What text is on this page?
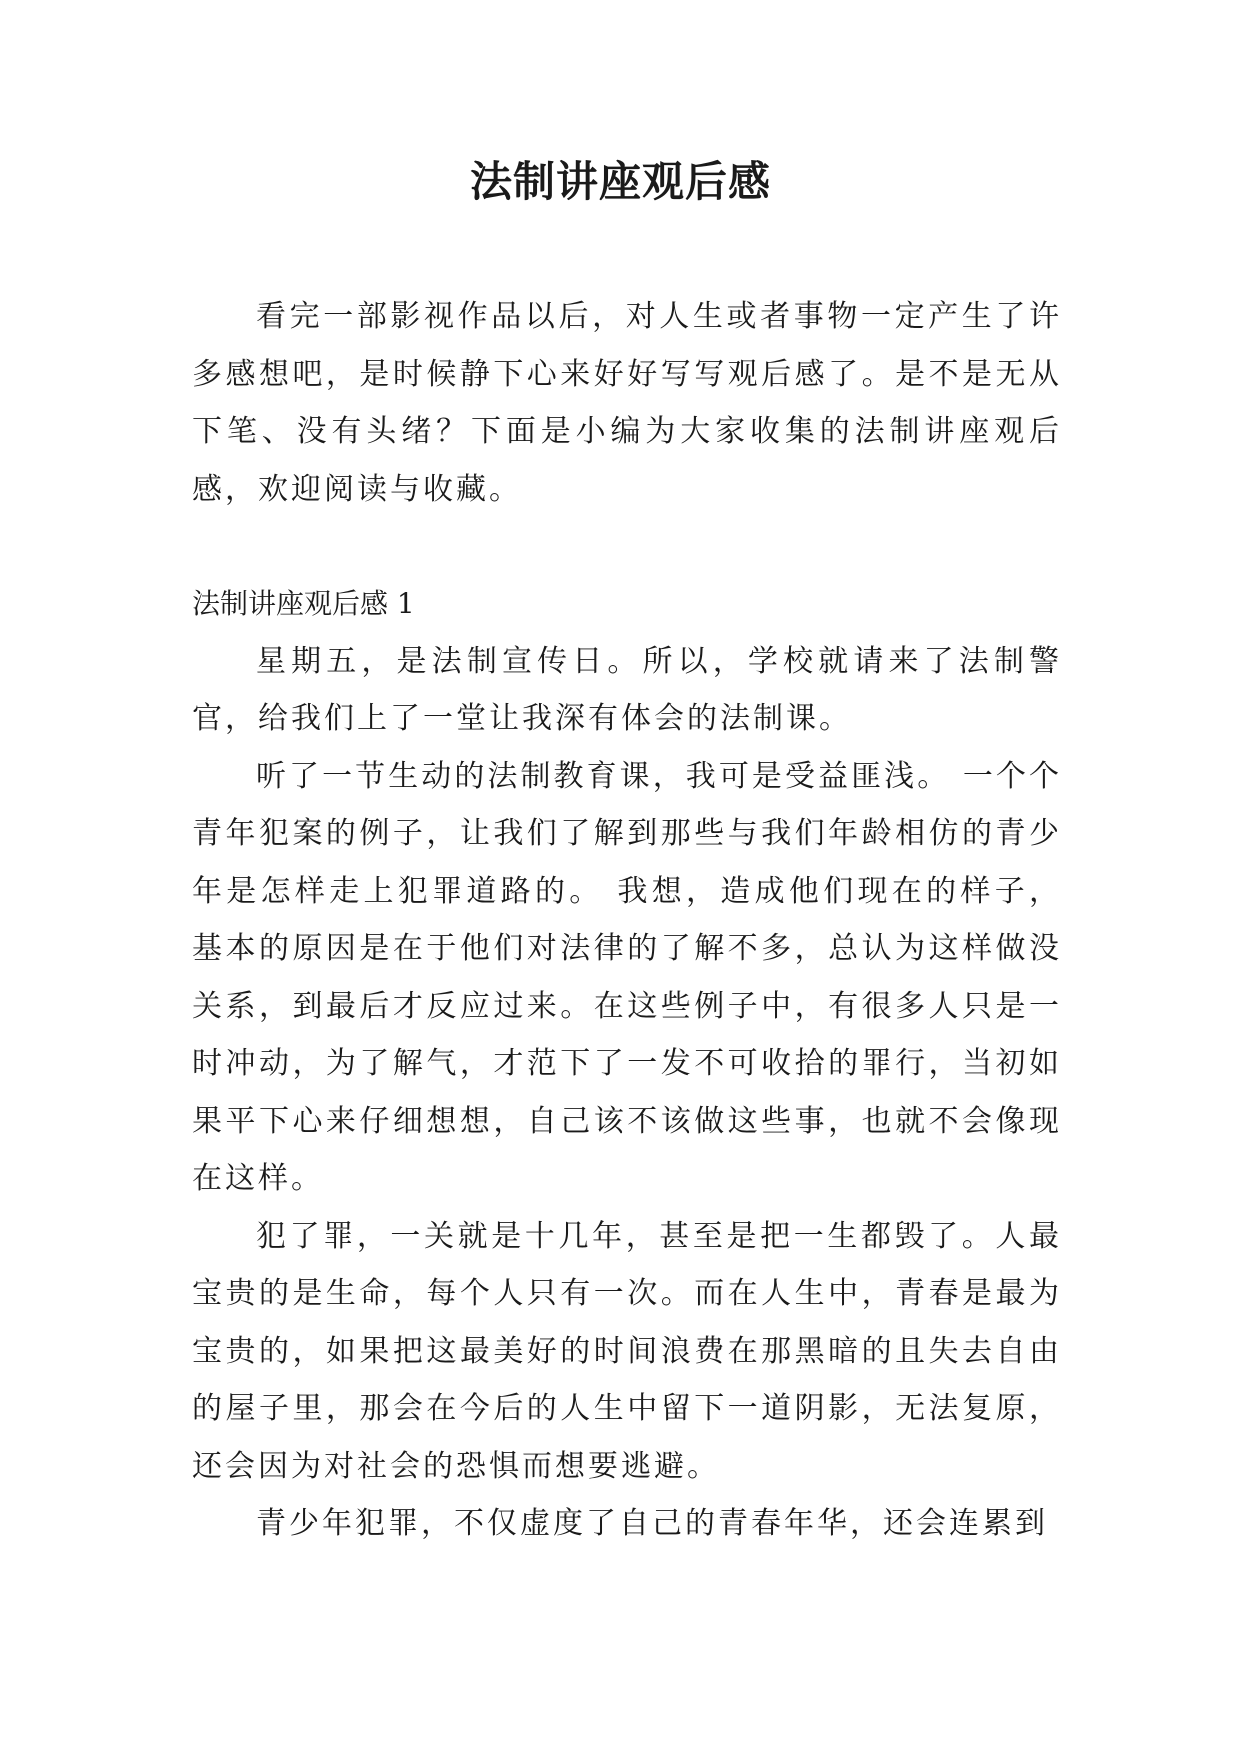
法制讲座观后感

看完一部影视作品以后，对人生或者事物一定产生了许多感想吧，是时候静下心来好好写写观后感了。是不是无从下笔、没有头绪？下面是小编为大家收集的法制讲座观后感，欢迎阅读与收藏。

法制讲座观后感 1

星期五，是法制宣传日。所以，学校就请来了法制警官，给我们上了一堂让我深有体会的法制课。

听了一节生动的法制教育课，我可是受益匪浅。 一个个青年犯案的例子，让我们了解到那些与我们年龄相仿的青少年是怎样走上犯罪道路的。 我想，造成他们现在的样子，基本的原因是在于他们对法律的了解不多，总认为这样做没关系，到最后才反应过来。在这些例子中，有很多人只是一时冲动，为了解气，才范下了一发不可收拾的罪行，当初如果平下心来仔细想想，自己该不该做这些事，也就不会像现在这样。

犯了罪，一关就是十几年，甚至是把一生都毁了。人最宝贵的是生命，每个人只有一次。而在人生中，青春是最为宝贵的，如果把这最美好的时间浪费在那黑暗的且失去自由的屋子里，那会在今后的人生中留下一道阴影，无法复原，还会因为对社会的恐惧而想要逃避。

青少年犯罪，不仅虚度了自己的青春年华，还会连累到
